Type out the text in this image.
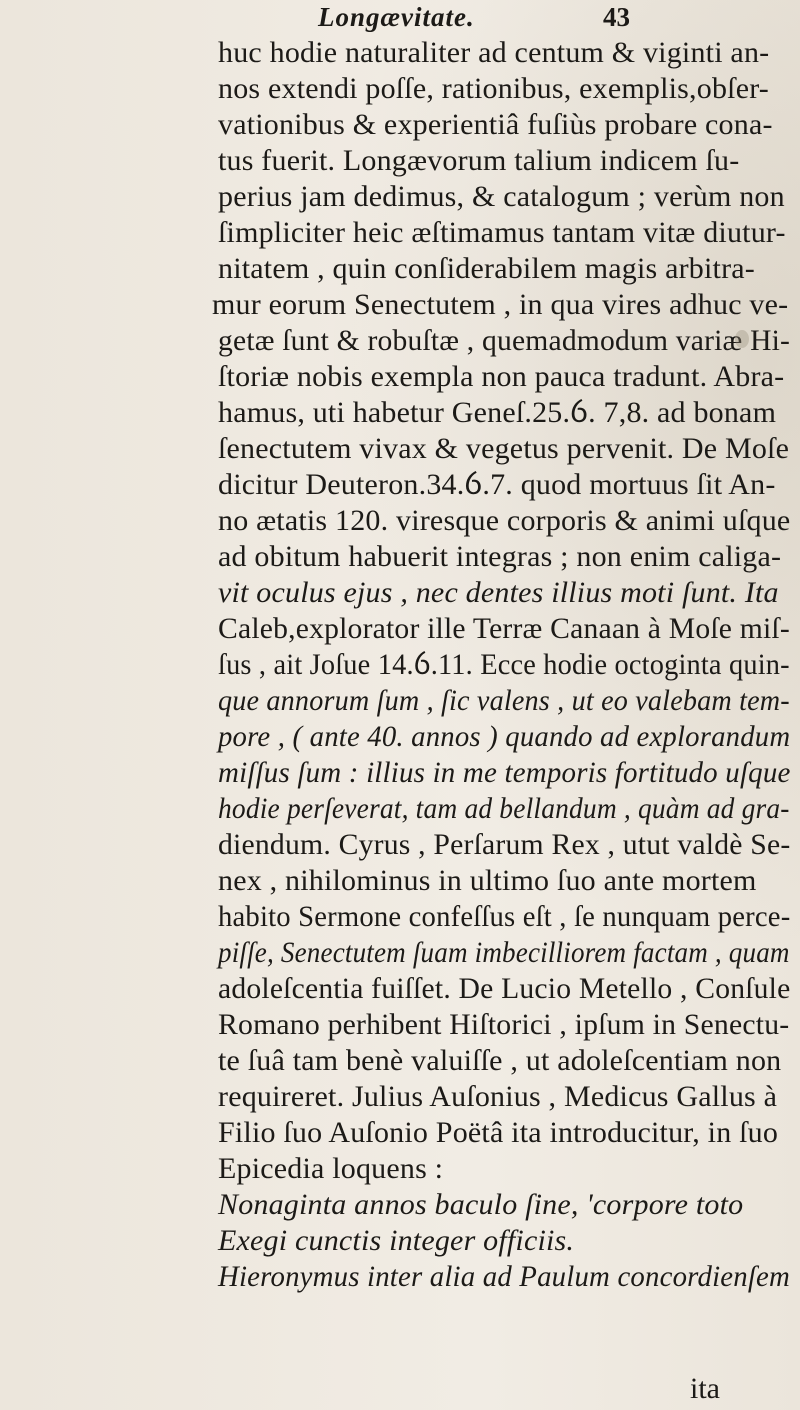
Longævitate.	43
huc hodie naturaliter ad centum & viginti an-
nos extendi poſſe, rationibus, exemplis,obſer-
vationibus & experientiâ fuſiùs probare cona-
tus fuerit. Longævorum talium indicem ſu-
perius jam dedimus, & catalogum ; verùm non
ſimpliciter heic æſtimamus tantam vitæ diutur-
nitatem , quin conſiderabilem magis arbitra-
mur eorum Senectutem , in qua vires adhuc ve-
getæ ſunt & robuſtæ , quemadmodum variæ Hi-
ſtoriæ nobis exempla non pauca tradunt. Abra-
hamus, uti habetur Geneſ.25.ỽ. 7,8. ad bonam
ſenectutem vivax & vegetus pervenit. De Moſe
dicitur Deuteron.34.ỽ.7. quod mortuus ſit An-
no ætatis 120. viresque corporis & animi uſque
ad obitum habuerit integras ; non enim caliga-
vit oculus ejus , nec dentes illius moti ſunt. Ita
Caleb,explorator ille Terræ Canaan à Moſe miſ-
ſus , ait Joſue 14.ỽ.11. Ecce hodie octoginta quin-
que annorum ſum , ſic valens , ut eo valebam tem-
pore , ( ante 40. annos ) quando ad explorandum
miſſus ſum : illius in me temporis fortitudo uſque
hodie perſeverat, tam ad bellandum , quàm ad gra-
diendum. Cyrus , Perſarum Rex , utut valdè Se-
nex , nihilominus in ultimo ſuo ante mortem
habito Sermone confeſſus eſt , ſe nunquam perce-
piſſe, Senectutem ſuam imbecilliorem factam , quam
adoleſcentia fuiſſet. De Lucio Metello , Conſule
Romano perhibent Hiſtorici , ipſum in Senectu-
te ſuâ tam benè valuiſſe , ut adoleſcentiam non
requireret. Julius Auſonius , Medicus Gallus à
Filio ſuo Auſonio Poëtâ ita introducitur, in ſuo
Epicedia loquens :
Nonaginta annos baculo ſine, 'corpore toto
Exegi cunctis integer officiis.
Hieronymus inter alia ad Paulum concordienſem
ita
